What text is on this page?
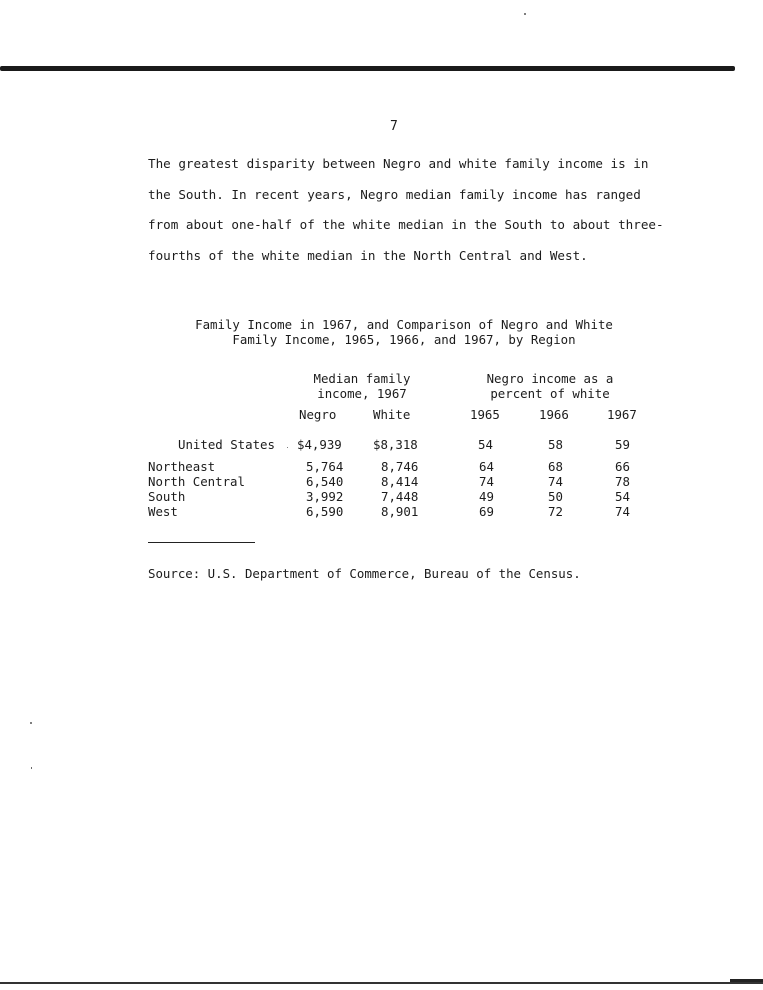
7
The greatest disparity between Negro and white family income is in
the South. In recent years, Negro median family income has ranged
from about one-half of the white median in the South to about three-
fourths of the white median in the North Central and West.
Family Income in 1967, and Comparison of Negro and White
Family Income, 1965, 1966, and 1967, by Region
Median family
income, 1967
Negro income as a
percent of white
Negro	White	1965	1966	1967
United States $4,939	$8,318	54	58	59
Northeast	5,764	8,746	64	68	66
North Central	6,540	8,414	74	74	78
South	3,992	7,448	49	50	54
West	6,590	8,901	69	72	74
Source: U.S. Department of Commerce, Bureau of the Census.
